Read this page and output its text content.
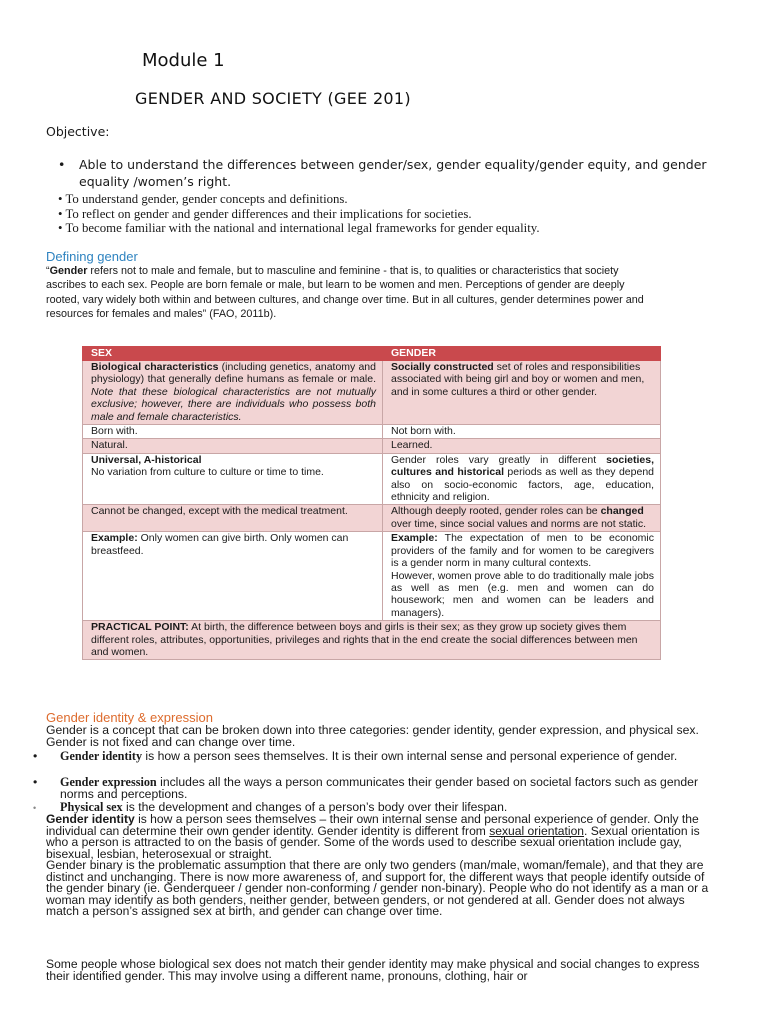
Module 1
GENDER AND SOCIETY (GEE 201)
Objective:
•	Able to understand the differences between gender/sex, gender equality/gender equity, and gender equality /women’s right.
• To understand gender, gender concepts and definitions.
• To reflect on gender and gender differences and their implications for societies.
• To become familiar with the national and international legal frameworks for gender equality.
Defining gender
“Gender refers not to male and female, but to masculine and feminine - that is, to qualities or characteristics that society ascribes to each sex. People are born female or male, but learn to be women and men. Perceptions of gender are deeply rooted, vary widely both within and between cultures, and change over time. But in all cultures, gender determines power and resources for females and males” (FAO, 2011b).
SEX	GENDER
Biological characteristics (including genetics, anatomy and physiology) that generally define humans as female or male. Note that these biological characteristics are not mutually exclusive; however, there are individuals who possess both male and female characteristics.	Socially constructed set of roles and responsibilities associated with being girl and boy or women and men, and in some cultures a third or other gender.
Born with.	Not born with.
Natural.	Learned.
Universal, A-historical
No variation from culture to culture or time to time.	Gender roles vary greatly in different societies, cultures and historical periods as well as they depend also on socio-economic factors, age, education, ethnicity and religion.
Cannot be changed, except with the medical treatment.	Although deeply rooted, gender roles can be changed over time, since social values and norms are not static.
Example: Only women can give birth. Only women can breastfeed.	Example: The expectation of men to be economic providers of the family and for women to be caregivers is a gender norm in many cultural contexts.
However, women prove able to do traditionally male jobs as well as men (e.g. men and women can do housework; men and women can be leaders and managers).
PRACTICAL POINT: At birth, the difference between boys and girls is their sex; as they grow up society gives them different roles, attributes, opportunities, privileges and rights that in the end create the social differences between men and women.	
Gender identity & expression
Gender is a concept that can be broken down into three categories: gender identity, gender expression, and physical sex. Gender is not fixed and can change over time.
•	Gender identity is how a person sees themselves. It is their own internal sense and personal experience of gender.
•	Gender expression includes all the ways a person communicates their gender based on societal factors such as gender norms and perceptions.
•	Physical sex is the development and changes of a person’s body over their lifespan.
Gender identity is how a person sees themselves – their own internal sense and personal experience of gender. Only the individual can determine their own gender identity. Gender identity is different from sexual orientation. Sexual orientation is who a person is attracted to on the basis of gender. Some of the words used to describe sexual orientation include gay, bisexual, lesbian, heterosexual or straight.
Gender binary is the problematic assumption that there are only two genders (man/male, woman/female), and that they are distinct and unchanging. There is now more awareness of, and support for, the different ways that people identify outside of the gender binary (ie. Genderqueer / gender non-conforming / gender non-binary). People who do not identify as a man or a woman may identify as both genders, neither gender, between genders, or not gendered at all. Gender does not always match a person’s assigned sex at birth, and gender can change over time.
Some people whose biological sex does not match their gender identity may make physical and social changes to express their identified gender. This may involve using a different name, pronouns, clothing, hair or
